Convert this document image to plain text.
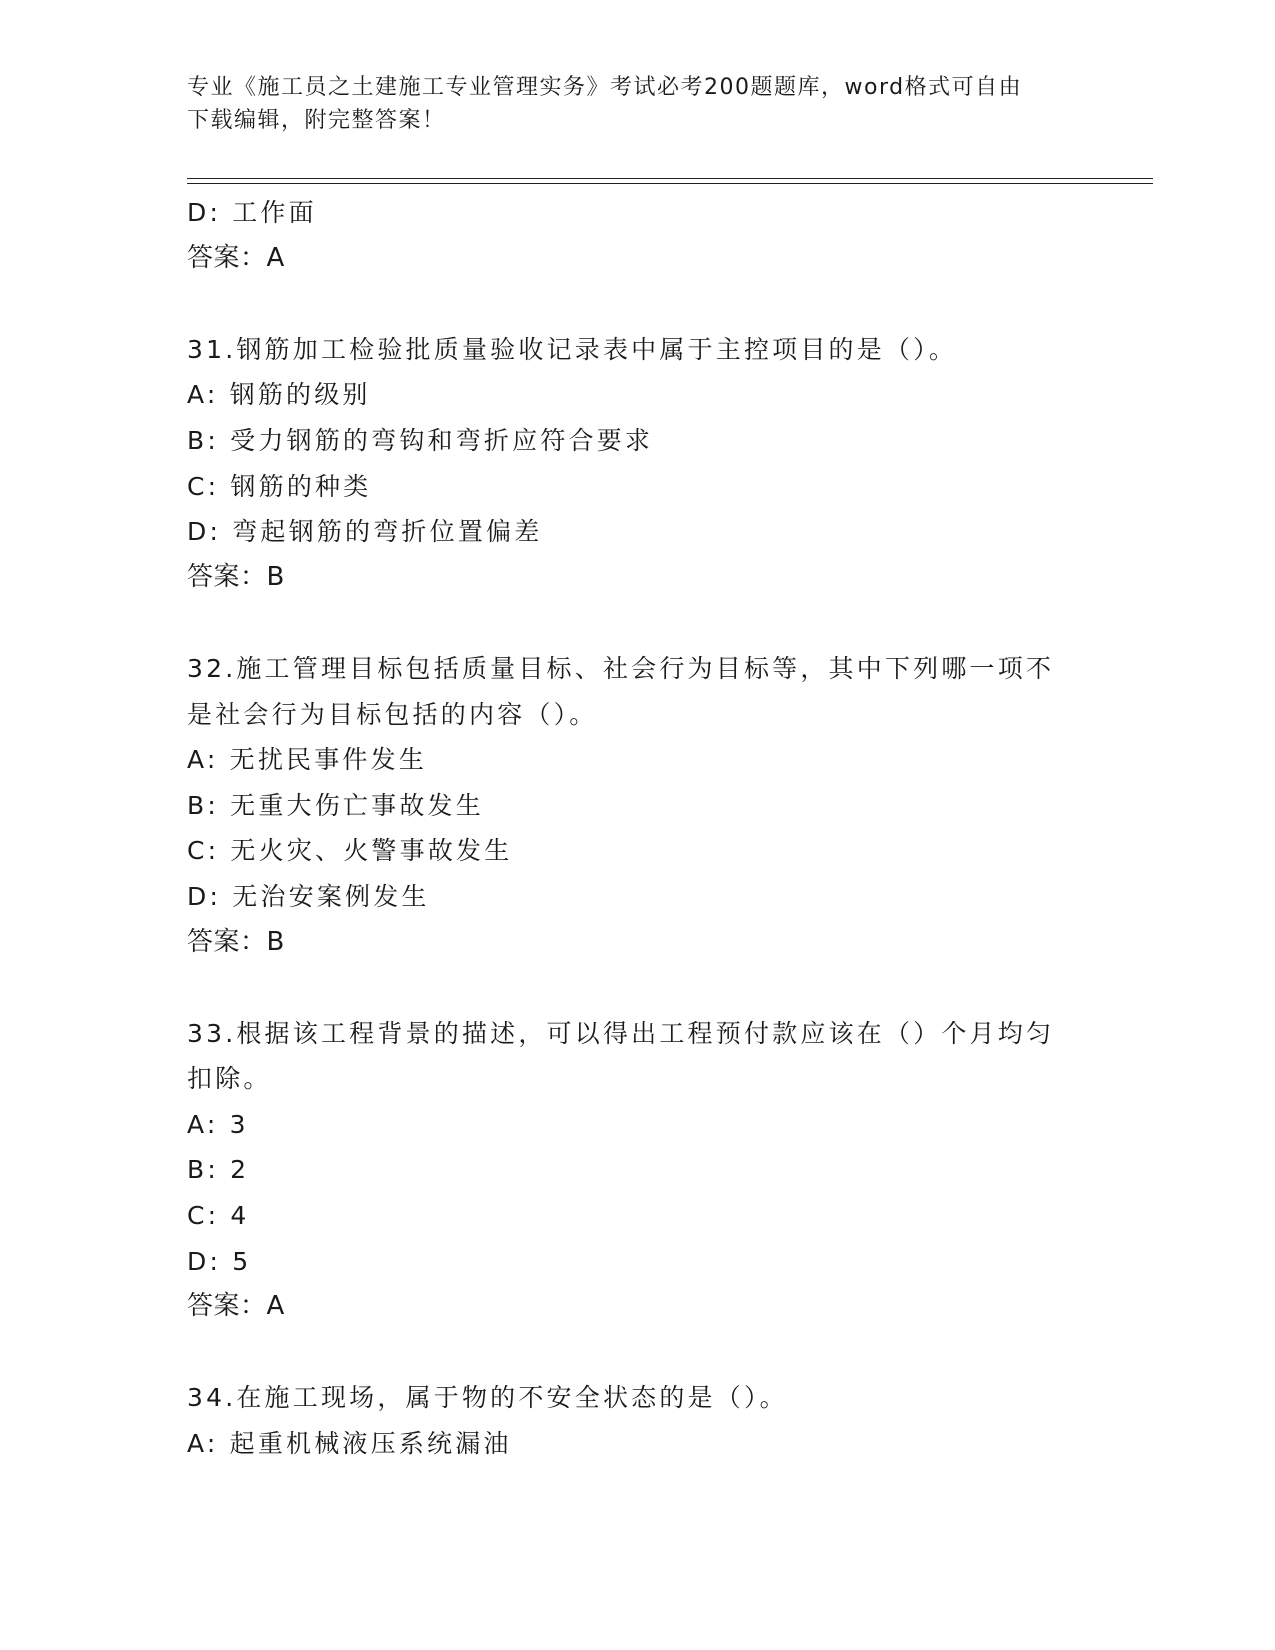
专业《施工员之土建施工专业管理实务》考试必考200题题库，word格式可自由
下载编辑，附完整答案！
D: 工作面
答案：A
31.钢筋加工检验批质量验收记录表中属于主控项目的是（）。
A: 钢筋的级别
B: 受力钢筋的弯钩和弯折应符合要求
C: 钢筋的种类
D: 弯起钢筋的弯折位置偏差
答案：B
32.施工管理目标包括质量目标、社会行为目标等，其中下列哪一项不
是社会行为目标包括的内容（）。
A: 无扰民事件发生
B: 无重大伤亡事故发生
C: 无火灾、火警事故发生
D: 无治安案例发生
答案：B
33.根据该工程背景的描述，可以得出工程预付款应该在（）个月均匀
扣除。
A: 3
B: 2
C: 4
D: 5
答案：A
34.在施工现场，属于物的不安全状态的是（）。
A: 起重机械液压系统漏油
